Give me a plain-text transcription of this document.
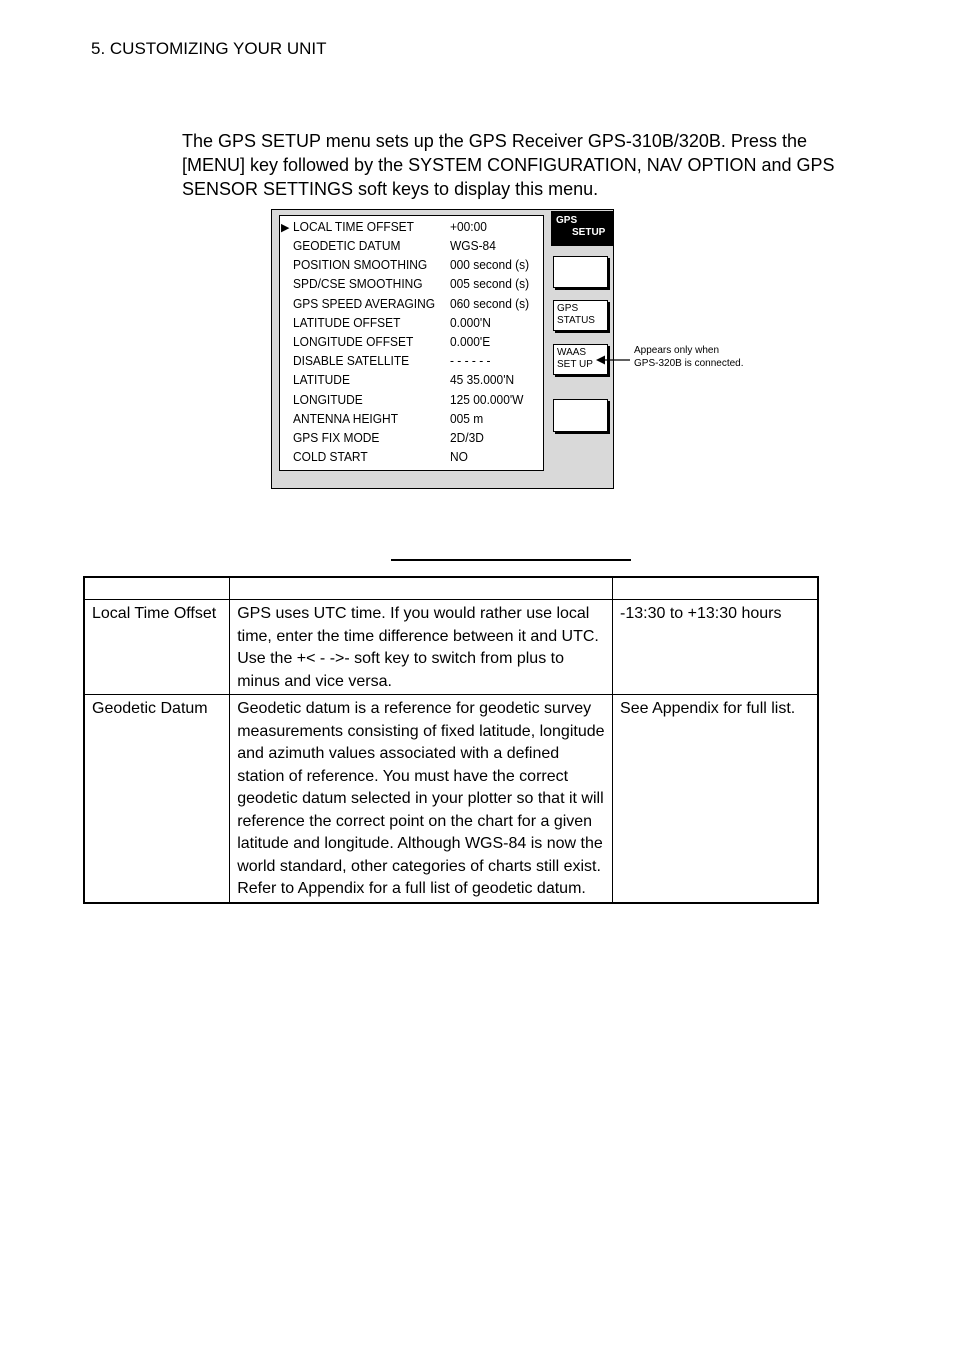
5. CUSTOMIZING YOUR UNIT
The GPS SETUP menu sets up the GPS Receiver GPS-310B/320B. Press the [MENU] key followed by the SYSTEM CONFIGURATION, NAV OPTION and GPS SENSOR SETTINGS soft keys to display this menu.
▶ LOCAL TIME OFFSET	+00:00
GEODETIC DATUM	WGS-84
POSITION SMOOTHING 000 second (s)
SPD/CSE SMOOTHING 005 second (s)
GPS SPEED AVERAGING 060 second (s)
LATITUDE OFFSET	0.000'N
LONGITUDE OFFSET	0.000'E
DISABLE SATELLITE	- - - - - -
LATITUDE	45 35.000'N
LONGITUDE	125 00.000'W
ANTENNA HEIGHT	005 m
GPS FIX MODE	2D/3D
COLD START	NO
GPS
SETUP
GPS
STATUS
WAAS
SET UP
Appears only when
GPS-320B is connected.

Local Time Offset	GPS uses UTC time. If you would rather use local time, enter the time difference between it and UTC. Use the +< - ->- soft key to switch from plus to minus and vice versa.	-13:30 to +13:30 hours
Geodetic Datum	Geodetic datum is a reference for geodetic survey measurements consisting of fixed latitude, longitude and azimuth values associated with a defined station of reference. You must have the correct geodetic datum selected in your plotter so that it will reference the correct point on the chart for a given latitude and longitude. Although WGS-84 is now the world standard, other categories of charts still exist. Refer to Appendix for a full list of geodetic datum.	See Appendix for full list.
